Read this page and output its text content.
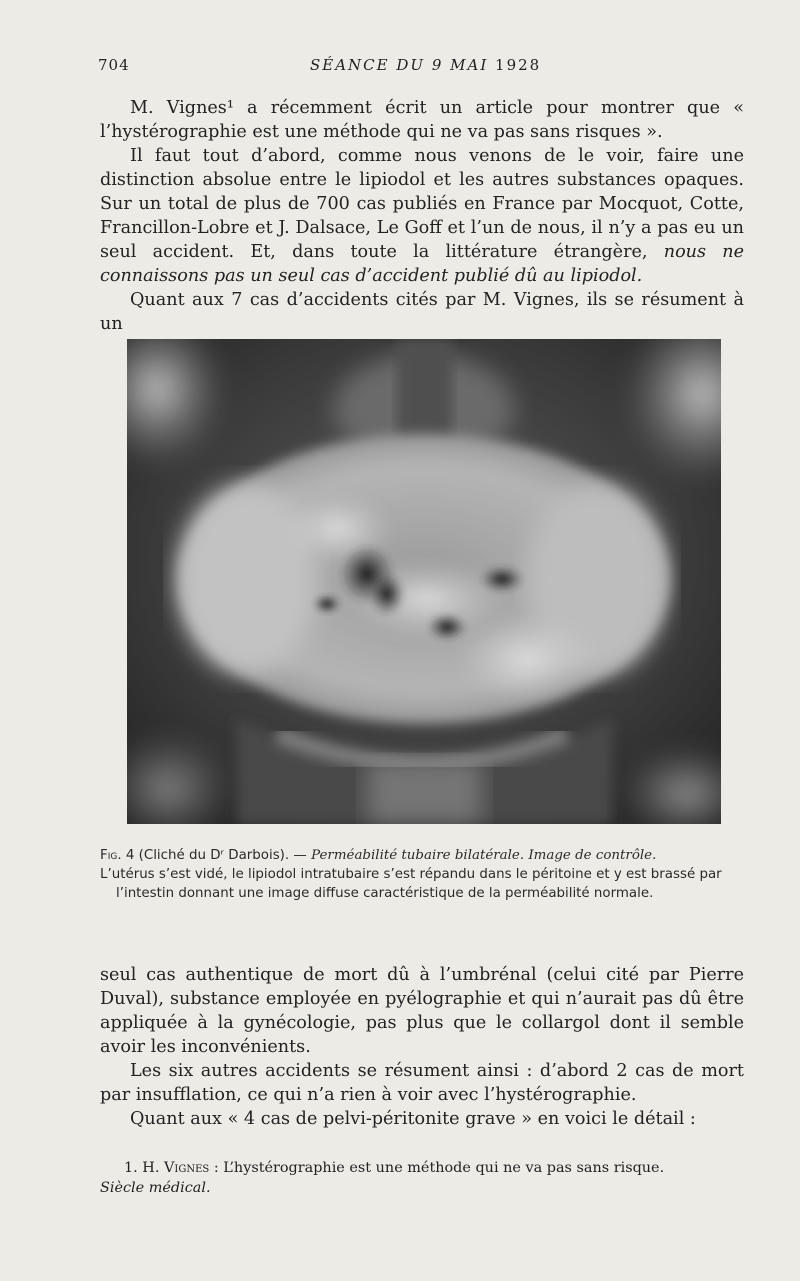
704	SÉANCE DU 9 MAI 1928

M. Vignes¹ a récemment écrit un article pour montrer que « l’hystérographie est une méthode qui ne va pas sans risques ».

Il faut tout d’abord, comme nous venons de le voir, faire une distinction absolue entre le lipiodol et les autres substances opaques. Sur un total de plus de 700 cas publiés en France par Mocquot, Cotte, Francillon-Lobre et J. Dalsace, Le Goff et l’un de nous, il n’y a pas eu un seul accident. Et, dans toute la littérature étrangère, nous ne connaissons pas un seul cas d’accident publié dû au lipiodol.

Quant aux 7 cas d’accidents cités par M. Vignes, ils se résument à un

Fig. 4 (Cliché du Dʳ Darbois). — Perméabilité tubaire bilatérale. Image de contrôle.
L’utérus s’est vidé, le lipiodol intratubaire s’est répandu dans le péritoine et y est brassé par l’intestin donnant une image diffuse caractéristique de la perméabilité normale.

seul cas authentique de mort dû à l’umbrénal (celui cité par Pierre Duval), substance employée en pyélographie et qui n’aurait pas dû être appliquée à la gynécologie, pas plus que le collargol dont il semble avoir les inconvénients.

Les six autres accidents se résument ainsi : d’abord 2 cas de mort par insufflation, ce qui n’a rien à voir avec l’hystérographie.

Quant aux « 4 cas de pelvi-péritonite grave » en voici le détail :

1. H. Vignes : L’hystérographie est une méthode qui ne va pas sans risque.
Siècle médical.
